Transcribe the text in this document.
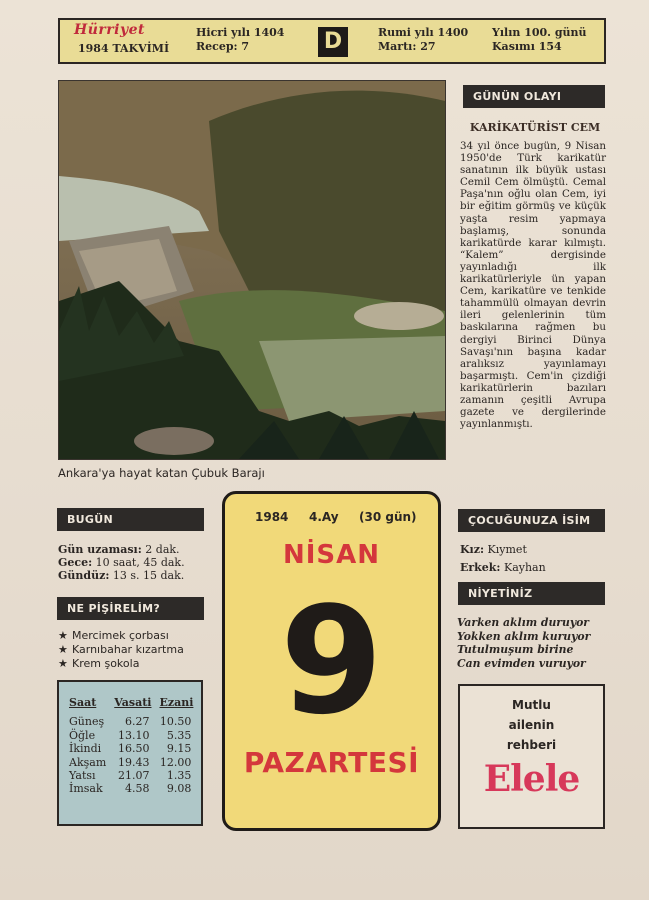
Hürriyet
1984 TAKVİMİ
Hicri yılı 1404
Recep: 7	D	Rumi yılı 1400
Martı: 27
Yılın 100. günü
Kasımı 154
Ankara'ya hayat katan Çubuk Barajı
GÜNÜN OLAYI
KARİKATÜRİST CEM
34 yıl önce bugün, 9 Nisan 1950'de Türk karikatür sanatının ilk büyük ustası Cemil Cem ölmüştü. Cemal Paşa'nın oğlu olan Cem, iyi bir eğitim görmüş ve küçük yaşta resim yapmaya başlamış, sonunda karikatürde karar kılmıştı. “Kalem” dergisinde yayınladığı ilk karikatürleriyle ün yapan Cem, karikatüre ve tenkide tahammülü olmayan devrin ileri gelenlerinin tüm baskılarına rağmen bu dergiyi Birinci Dünya Savaşı'nın başına kadar aralıksız yayınlamayı başarmıştı. Cem'in çizdiği karikatürlerin bazıları zamanın çeşitli Avrupa gazete ve dergilerinde yayınlanmıştı.
BUGÜN
Gün uzaması: 2 dak.
Gece: 10 saat, 45 dak.
Gündüz: 13 s. 15 dak.
NE PİŞİRELİM?
★ Mercimek çorbası
★ Karnıbahar kızartma
★ Krem şokola
Saat	Vasati	Ezani
Güneş	6.27	10.50
Öğle	13.10	5.35
İkindi	16.50	9.15
Akşam	19.43	12.00
Yatsı	21.07	1.35
İmsak	4.58	9.08
1984 4.Ay (30 gün)
NİSAN
9
PAZARTESİ
ÇOCUĞUNUZA İSİM
Kız: Kıymet
Erkek: Kayhan
NİYETİNİZ
Varken aklım duruyor
Yokken aklım kuruyor
Tutulmuşum birine
Can evimden vuruyor
Mutlu
ailenin
rehberi
Elele
